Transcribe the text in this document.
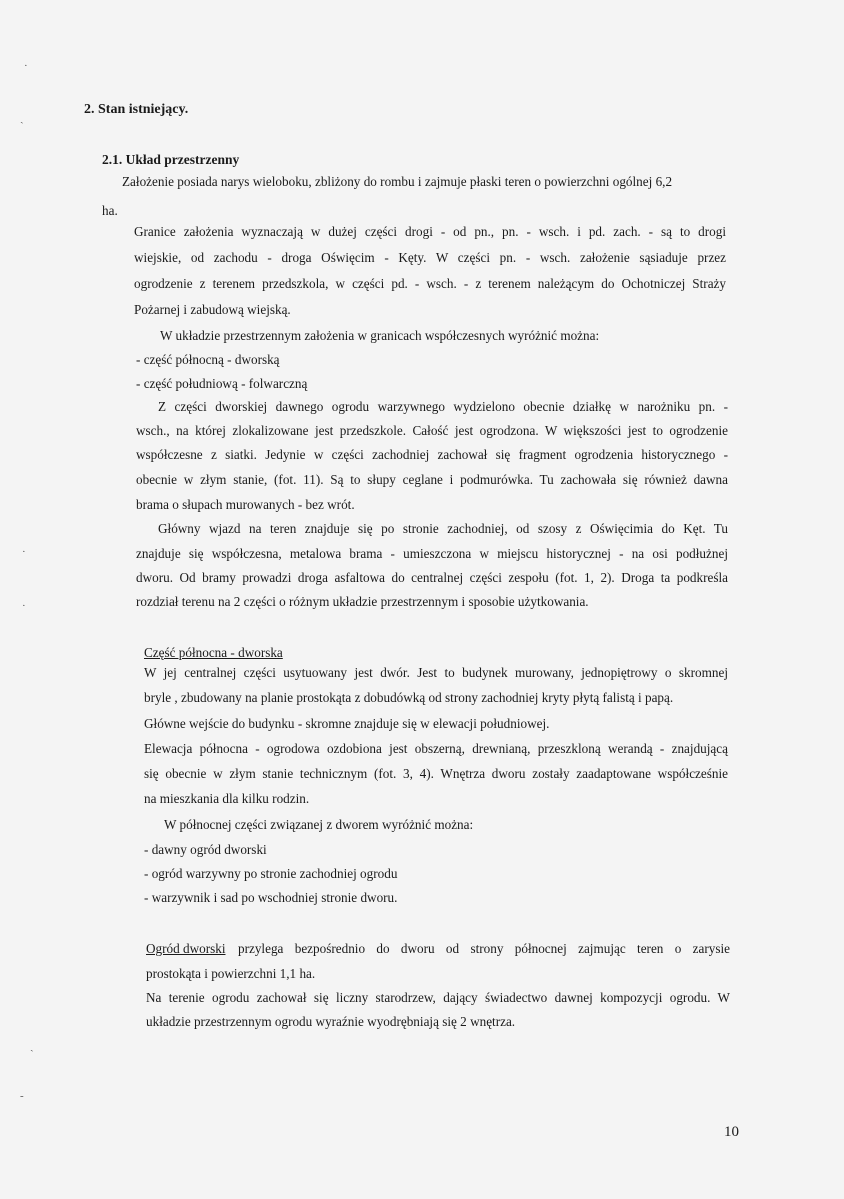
·
ˎ
2. Stan istniejący.
2.1. Układ przestrzenny
Założenie posiada narys wieloboku, zbliżony do rombu i zajmuje płaski teren o powierzchni ogólnej 6,2
ha.
Granice założenia wyznaczają w dużej części drogi - od pn., pn. - wsch. i pd. zach. - są to drogi
wiejskie, od zachodu - droga Oświęcim - Kęty. W części pn. - wsch. założenie sąsiaduje przez
ogrodzenie z terenem przedszkola, w części pd. - wsch. - z terenem należącym do Ochotniczej Straży
Pożarnej i zabudową wiejską.
W układzie przestrzennym założenia w granicach współczesnych wyróżnić można:
- część północną - dworską
- część południową - folwarczną
Z części dworskiej dawnego ogrodu warzywnego wydzielono obecnie działkę w narożniku pn. -
wsch., na której zlokalizowane jest przedszkole. Całość jest ogrodzona. W większości jest to ogrodzenie
współczesne z siatki. Jedynie w części zachodniej zachował się fragment ogrodzenia historycznego -
obecnie w złym stanie, (fot. 11). Są to słupy ceglane i podmurówka. Tu zachowała się również dawna
brama o słupach murowanych - bez wrót.
Główny wjazd na teren znajduje się po stronie zachodniej, od szosy z Oświęcimia do Kęt. Tu
znajduje się współczesna, metalowa brama - umieszczona w miejscu historycznej - na osi podłużnej
dworu. Od bramy prowadzi droga asfaltowa do centralnej części zespołu (fot. 1, 2). Droga ta podkreśla
rozdział terenu na 2 części o różnym układzie przestrzennym i sposobie użytkowania.
Część północna - dworska
W jej centralnej części usytuowany jest dwór. Jest to budynek murowany, jednopiętrowy o skromnej
bryle , zbudowany na planie prostokąta z dobudówką od strony zachodniej kryty płytą falistą i papą.
Główne wejście do budynku - skromne znajduje się w elewacji południowej.
Elewacja północna - ogrodowa ozdobiona jest obszerną, drewnianą, przeszkloną werandą - znajdującą
się obecnie w złym stanie technicznym (fot. 3, 4). Wnętrza dworu zostały zaadaptowane współcześnie
na mieszkania dla kilku rodzin.
W północnej części związanej z dworem wyróżnić można:
- dawny ogród dworski
- ogród warzywny po stronie zachodniej ogrodu
- warzywnik i sad po wschodniej stronie dworu.
Ogród dworski przylega bezpośrednio do dworu od strony północnej zajmując teren o zarysie
prostokąta i powierzchni 1,1 ha.
Na terenie ogrodu zachował się liczny starodrzew, dający świadectwo dawnej kompozycji ogrodu. W
układzie przestrzennym ogrodu wyraźnie wyodrębniają się 2 wnętrza.
·
·
ˏ
-
10
